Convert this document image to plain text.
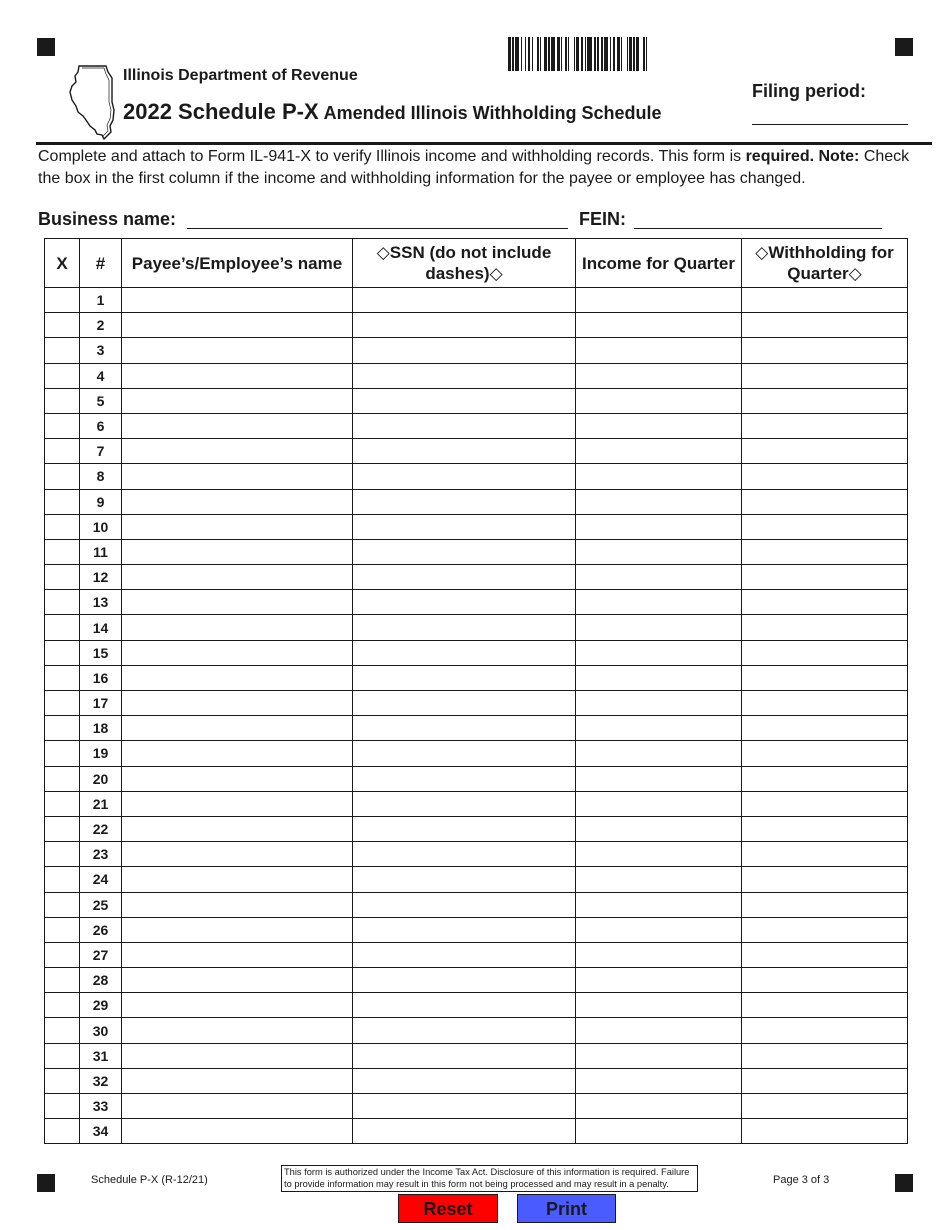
Illinois Department of Revenue
2022 Schedule P-X Amended Illinois Withholding Schedule
Filing period:
Complete and attach to Form IL-941-X to verify Illinois income and withholding records. This form is required. Note: Check the box in the first column if the income and withholding information for the payee or employee has changed.
Business name:	FEIN:
X	#	Payee’s/Employee’s name	◇SSN (do not include dashes)◇	Income for Quarter	◇Withholding for Quarter◇
	1				
	2				
	3				
	4				
	5				
	6				
	7				
	8				
	9				
	10				
	11				
	12				
	13				
	14				
	15				
	16				
	17				
	18				
	19				
	20				
	21				
	22				
	23				
	24				
	25				
	26				
	27				
	28				
	29				
	30				
	31				
	32				
	33				
	34				
Schedule P-X (R-12/21)
This form is authorized under the Income Tax Act. Disclosure of this information is required. Failure to provide information may result in this form not being processed and may result in a penalty.	Page 3 of 3
Reset	Print
